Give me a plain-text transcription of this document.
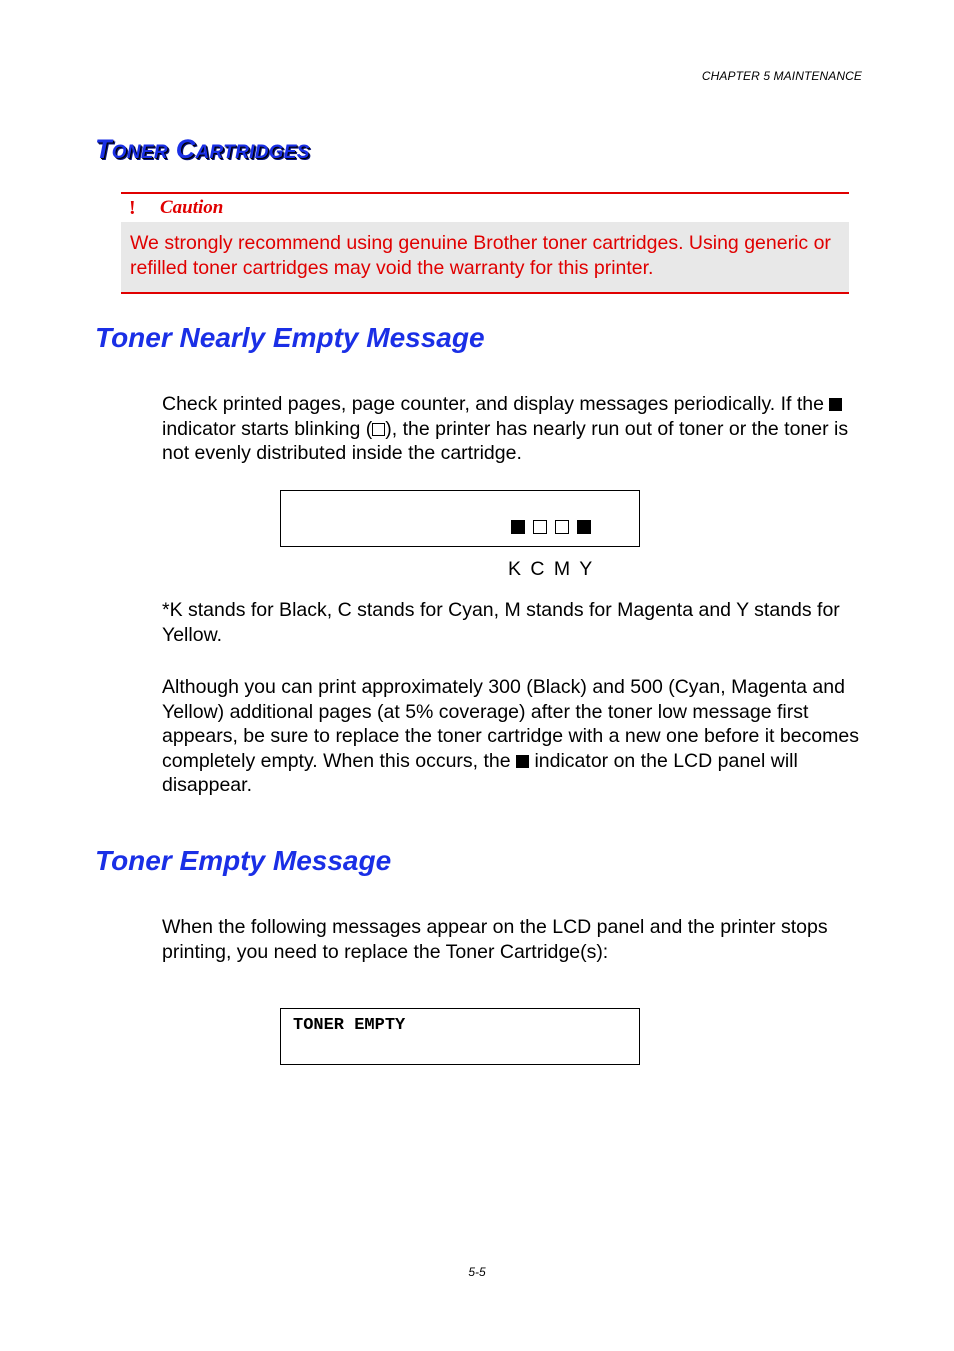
CHAPTER 5 MAINTENANCE
Toner Cartridges
!	Caution
We strongly recommend using genuine Brother toner cartridges. Using generic or refilled toner cartridges may void the warranty for this printer.
Toner Nearly Empty Message

Check printed pages, page counter, and display messages periodically. If the  indicator starts blinking ( ), the printer has nearly run out of toner or the toner is not evenly distributed inside the cartridge.

K C M Y

*K stands for Black, C stands for Cyan, M stands for Magenta and Y stands for Yellow.

Although you can print approximately 300 (Black) and 500 (Cyan, Magenta and Yellow) additional pages (at 5% coverage) after the toner low message first appears, be sure to replace the toner cartridge with a new one before it becomes completely empty. When this occurs, the  indicator on the LCD panel will disappear.

Toner Empty Message

When the following messages appear on the LCD panel and the printer stops printing, you need to replace the Toner Cartridge(s):

TONER EMPTY
5-5
